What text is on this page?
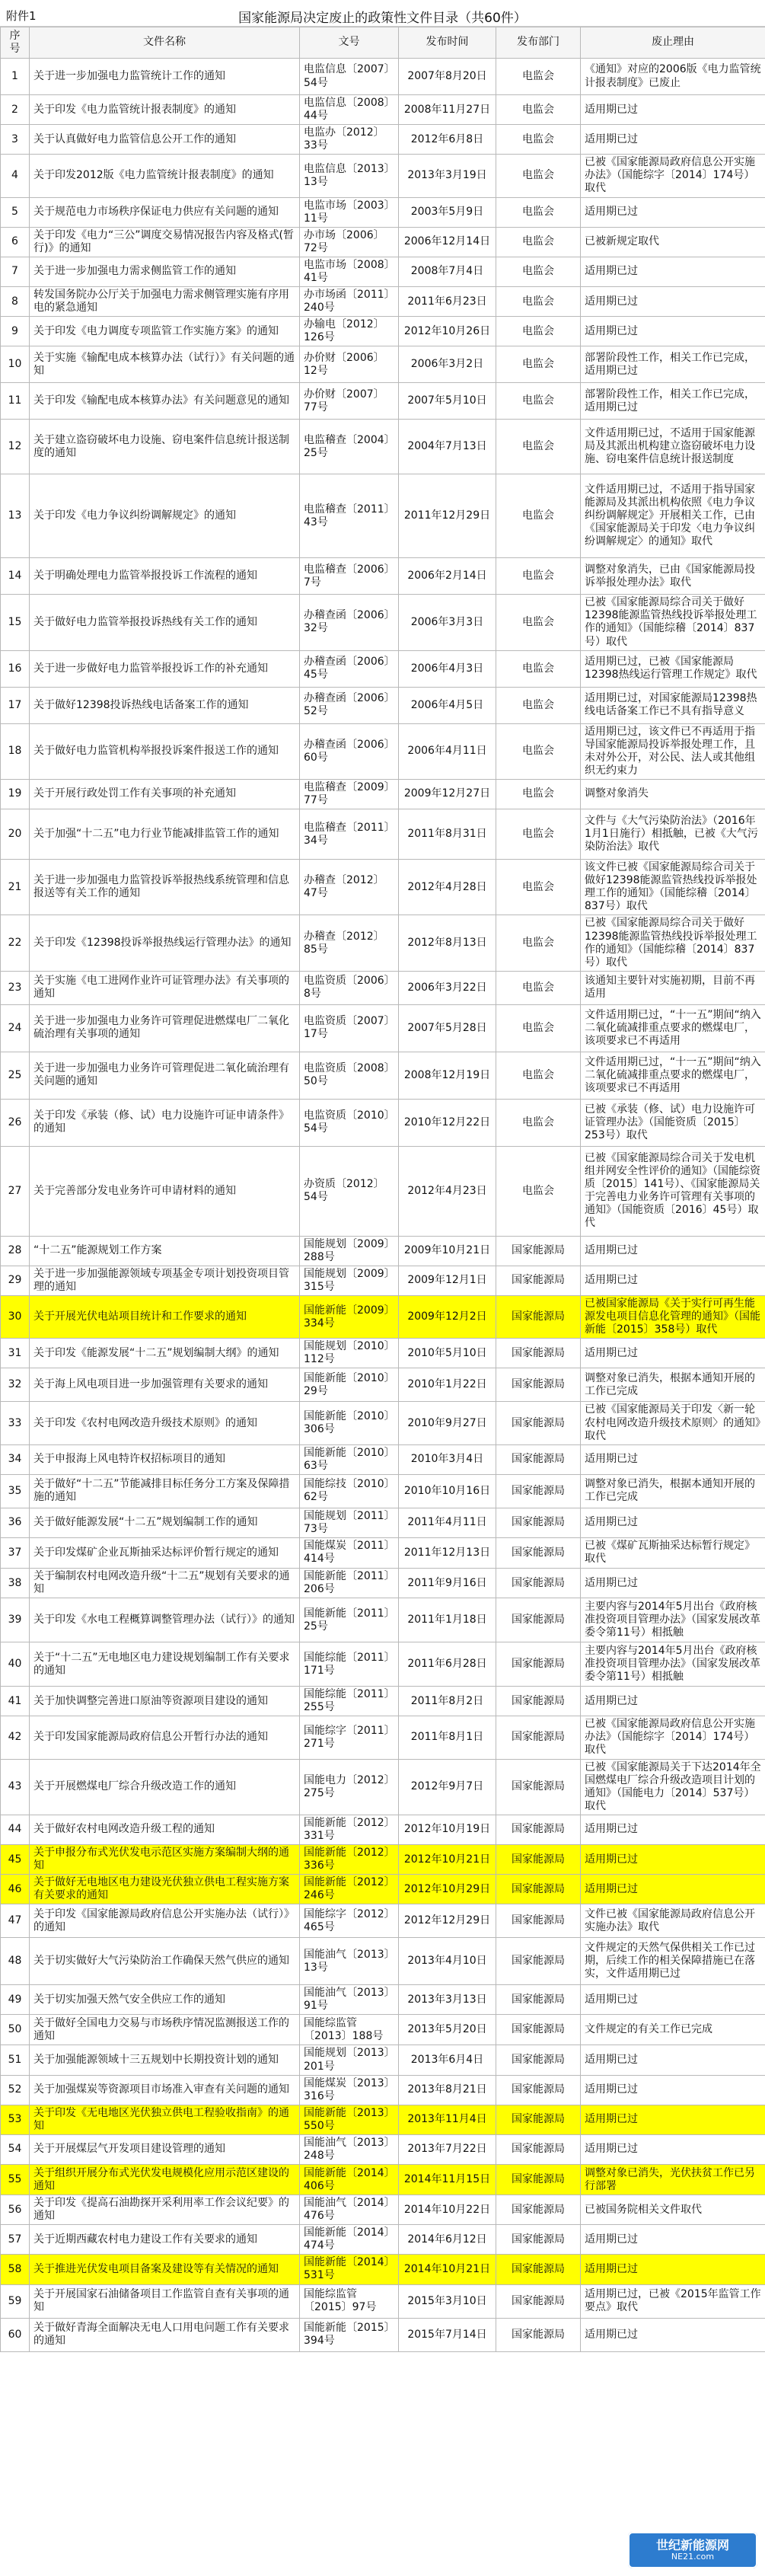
附件1	国家能源局决定废止的政策性文件目录（共60件）
序号	文件名称	文号	发布时间	发布部门	废止理由
1	关于进一步加强电力监管统计工作的通知	电监信息〔2007〕54号	2007年8月20日	电监会	《通知》对应的2006版《电力监管统计报表制度》已废止
2	关于印发《电力监管统计报表制度》的通知	电监信息〔2008〕44号	2008年11月27日	电监会	适用期已过
3	关于认真做好电力监管信息公开工作的通知	电监办〔2012〕33号	2012年6月8日	电监会	适用期已过
4	关于印发2012版《电力监管统计报表制度》的通知	电监信息〔2013〕13号	2013年3月19日	电监会	已被《国家能源局政府信息公开实施办法》（国能综字〔2014〕174号）取代
5	关于规范电力市场秩序保证电力供应有关问题的通知	电监市场〔2003〕11号	2003年5月9日	电监会	适用期已过
6	关于印发《电力“三公”调度交易情况报告内容及格式(暂行)》的通知	办市场〔2006〕72号	2006年12月14日	电监会	已被新规定取代
7	关于进一步加强电力需求侧监管工作的通知	电监市场〔2008〕41号	2008年7月4日	电监会	适用期已过
8	转发国务院办公厅关于加强电力需求侧管理实施有序用电的紧急通知	办市场函〔2011〕240号	2011年6月23日	电监会	适用期已过
9	关于印发《电力调度专项监管工作实施方案》的通知	办输电〔2012〕126号	2012年10月26日	电监会	适用期已过
10	关于实施《输配电成本核算办法（试行）》有关问题的通知	办价财〔2006〕12号	2006年3月2日	电监会	部署阶段性工作，相关工作已完成，适用期已过
11	关于印发《输配电成本核算办法》有关问题意见的通知	办价财〔2007〕77号	2007年5月10日	电监会	部署阶段性工作，相关工作已完成，适用期已过
12	关于建立盗窃破坏电力设施、窃电案件信息统计报送制度的通知	电监稽查〔2004〕25号	2004年7月13日	电监会	文件适用期已过，不适用于国家能源局及其派出机构建立盗窃破坏电力设施、窃电案件信息统计报送制度
13	关于印发《电力争议纠纷调解规定》的通知	电监稽查〔2011〕43号	2011年12月29日	电监会	文件适用期已过，不适用于指导国家能源局及其派出机构依照《电力争议纠纷调解规定》开展相关工作，已由《国家能源局关于印发〈电力争议纠纷调解规定〉的通知》取代
14	关于明确处理电力监管举报投诉工作流程的通知	电监稽查〔2006〕7号	2006年2月14日	电监会	调整对象消失，已由《国家能源局投诉举报处理办法》取代
15	关于做好电力监管举报投诉热线有关工作的通知	办稽查函〔2006〕32号	2006年3月3日	电监会	已被《国家能源局综合司关于做好12398能源监管热线投诉举报处理工作的通知》（国能综稽〔2014〕837号）取代
16	关于进一步做好电力监管举报投诉工作的补充通知	办稽查函〔2006〕45号	2006年4月3日	电监会	适用期已过，已被《国家能源局12398热线运行管理工作规定》取代
17	关于做好12398投诉热线电话备案工作的通知	办稽查函〔2006〕52号	2006年4月5日	电监会	适用期已过，对国家能源局12398热线电话备案工作已不具有指导意义
18	关于做好电力监管机构举报投诉案件报送工作的通知	办稽查函〔2006〕60号	2006年4月11日	电监会	适用期已过，该文件已不再适用于指导国家能源局投诉举报处理工作，且未对外公开，对公民、法人或其他组织无约束力
19	关于开展行政处罚工作有关事项的补充通知	电监稽查〔2009〕77号	2009年12月27日	电监会	调整对象消失
20	关于加强“十二五”电力行业节能减排监管工作的通知	电监稽查〔2011〕34号	2011年8月31日	电监会	文件与《大气污染防治法》（2016年1月1日施行）相抵触，已被《大气污染防治法》取代
21	关于进一步加强电力监管投诉举报热线系统管理和信息报送等有关工作的通知	办稽查〔2012〕47号	2012年4月28日	电监会	该文件已被《国家能源局综合司关于做好12398能源监管热线投诉举报处理工作的通知》（国能综稽〔2014〕837号）取代
22	关于印发《12398投诉举报热线运行管理办法》的通知	办稽查〔2012〕85号	2012年8月13日	电监会	已被《国家能源局综合司关于做好12398能源监管热线投诉举报处理工作的通知》（国能综稽〔2014〕837号）取代
23	关于实施《电工进网作业许可证管理办法》有关事项的通知	电监资质〔2006〕8号	2006年3月22日	电监会	该通知主要针对实施初期，目前不再适用
24	关于进一步加强电力业务许可管理促进燃煤电厂二氧化硫治理有关事项的通知	电监资质〔2007〕17号	2007年5月28日	电监会	文件适用期已过，“十一五”期间“纳入二氧化硫减排重点要求的燃煤电厂，该项要求已不再适用
25	关于进一步加强电力业务许可管理促进二氧化硫治理有关问题的通知	电监资质〔2008〕50号	2008年12月19日	电监会	文件适用期已过，“十一五”期间“纳入二氧化硫减排重点要求的燃煤电厂，该项要求已不再适用
26	关于印发《承装（修、试）电力设施许可证申请条件》的通知	电监资质〔2010〕54号	2010年12月22日	电监会	已被《承装（修、试）电力设施许可证管理办法》（国能资质〔2015〕253号）取代
27	关于完善部分发电业务许可申请材料的通知	办资质〔2012〕54号	2012年4月23日	电监会	已被《国家能源局综合司关于发电机组并网安全性评价的通知》（国能综资质〔2015〕141号）、《国家能源局关于完善电力业务许可管理有关事项的通知》（国能资质〔2016〕45号）取代
28	“十二五”能源规划工作方案	国能规划〔2009〕288号	2009年10月21日	国家能源局	适用期已过
29	关于进一步加强能源领域专项基金专项计划投资项目管理的通知	国能规划〔2009〕315号	2009年12月1日	国家能源局	适用期已过
30	关于开展光伏电站项目统计和工作要求的通知	国能新能〔2009〕334号	2009年12月2日	国家能源局	已被国家能源局《关于实行可再生能源发电项目信息化管理的通知》（国能新能〔2015〕358号）取代
31	关于印发《能源发展“十二五”规划编制大纲》的通知	国能规划〔2010〕112号	2010年5月10日	国家能源局	适用期已过
32	关于海上风电项目进一步加强管理有关要求的通知	国能新能〔2010〕29号	2010年1月22日	国家能源局	调整对象已消失，根据本通知开展的工作已完成
33	关于印发《农村电网改造升级技术原则》的通知	国能新能〔2010〕306号	2010年9月27日	国家能源局	已被《国家能源局关于印发〈新一轮农村电网改造升级技术原则〉的通知》取代
34	关于申报海上风电特许权招标项目的通知	国能新能〔2010〕63号	2010年3月4日	国家能源局	适用期已过
35	关于做好“十二五”节能减排目标任务分工方案及保障措施的通知	国能综技〔2010〕62号	2010年10月16日	国家能源局	调整对象已消失，根据本通知开展的工作已完成
36	关于做好能源发展“十二五”规划编制工作的通知	国能规划〔2011〕73号	2011年4月11日	国家能源局	适用期已过
37	关于印发煤矿企业瓦斯抽采达标评价暂行规定的通知	国能煤炭〔2011〕414号	2011年12月13日	国家能源局	已被《煤矿瓦斯抽采达标暂行规定》取代
38	关于编制农村电网改造升级“十二五”规划有关要求的通知	国能新能〔2011〕206号	2011年9月16日	国家能源局	适用期已过
39	关于印发《水电工程概算调整管理办法（试行）》的通知	国能新能〔2011〕25号	2011年1月18日	国家能源局	主要内容与2014年5月出台《政府核准投资项目管理办法》（国家发展改革委令第11号）相抵触
40	关于“十二五”无电地区电力建设规划编制工作有关要求的通知	国能综能〔2011〕171号	2011年6月28日	国家能源局	主要内容与2014年5月出台《政府核准投资项目管理办法》（国家发展改革委令第11号）相抵触
41	关于加快调整完善进口原油等资源项目建设的通知	国能综能〔2011〕255号	2011年8月2日	国家能源局	适用期已过
42	关于印发国家能源局政府信息公开暂行办法的通知	国能综字〔2011〕271号	2011年8月1日	国家能源局	已被《国家能源局政府信息公开实施办法》（国能综字〔2014〕174号）取代
43	关于开展燃煤电厂综合升级改造工作的通知	国能电力〔2012〕275号	2012年9月7日	国家能源局	已被《国家能源局关于下达2014年全国燃煤电厂综合升级改造项目计划的通知》（国能电力〔2014〕537号）取代
44	关于做好农村电网改造升级工程的通知	国能新能〔2012〕331号	2012年10月19日	国家能源局	适用期已过
45	关于申报分布式光伏发电示范区实施方案编制大纲的通知	国能新能〔2012〕336号	2012年10月21日	国家能源局	适用期已过
46	关于做好无电地区电力建设光伏独立供电工程实施方案有关要求的通知	国能新能〔2012〕246号	2012年10月29日	国家能源局	适用期已过
47	关于印发《国家能源局政府信息公开实施办法（试行）》的通知	国能综字〔2012〕465号	2012年12月29日	国家能源局	文件已被《国家能源局政府信息公开实施办法》取代
48	关于切实做好大气污染防治工作确保天然气供应的通知	国能油气〔2013〕13号	2013年4月10日	国家能源局	文件规定的天然气保供相关工作已过期，后续工作的相关保障措施已在落实，文件适用期已过
49	关于切实加强天然气安全供应工作的通知	国能油气〔2013〕91号	2013年3月13日	国家能源局	适用期已过
50	关于做好全国电力交易与市场秩序情况监测报送工作的通知	国能综监管〔2013〕188号	2013年5月20日	国家能源局	文件规定的有关工作已完成
51	关于加强能源领域十三五规划中长期投资计划的通知	国能规划〔2013〕201号	2013年6月4日	国家能源局	适用期已过
52	关于加强煤炭等资源项目市场准入审查有关问题的通知	国能煤炭〔2013〕316号	2013年8月21日	国家能源局	适用期已过
53	关于印发《无电地区光伏独立供电工程验收指南》的通知	国能新能〔2013〕550号	2013年11月4日	国家能源局	适用期已过
54	关于开展煤层气开发项目建设管理的通知	国能油气〔2013〕248号	2013年7月22日	国家能源局	适用期已过
55	关于组织开展分布式光伏发电规模化应用示范区建设的通知	国能新能〔2014〕406号	2014年11月15日	国家能源局	调整对象已消失，光伏扶贫工作已另行部署
56	关于印发《提高石油勘探开采利用率工作会议纪要》的通知	国能油气〔2014〕476号	2014年10月22日	国家能源局	已被国务院相关文件取代
57	关于近期西藏农村电力建设工作有关要求的通知	国能新能〔2014〕474号	2014年6月12日	国家能源局	适用期已过
58	关于推进光伏发电项目备案及建设等有关情况的通知	国能新能〔2014〕531号	2014年10月21日	国家能源局	适用期已过
59	关于开展国家石油储备项目工作监管自查有关事项的通知	国能综监管〔2015〕97号	2015年3月10日	国家能源局	适用期已过，已被《2015年监管工作要点》取代
60	关于做好青海全面解决无电人口用电问题工作有关要求的通知	国能新能〔2015〕394号	2015年7月14日	国家能源局	适用期已过
世纪新能源网
NE21.com
